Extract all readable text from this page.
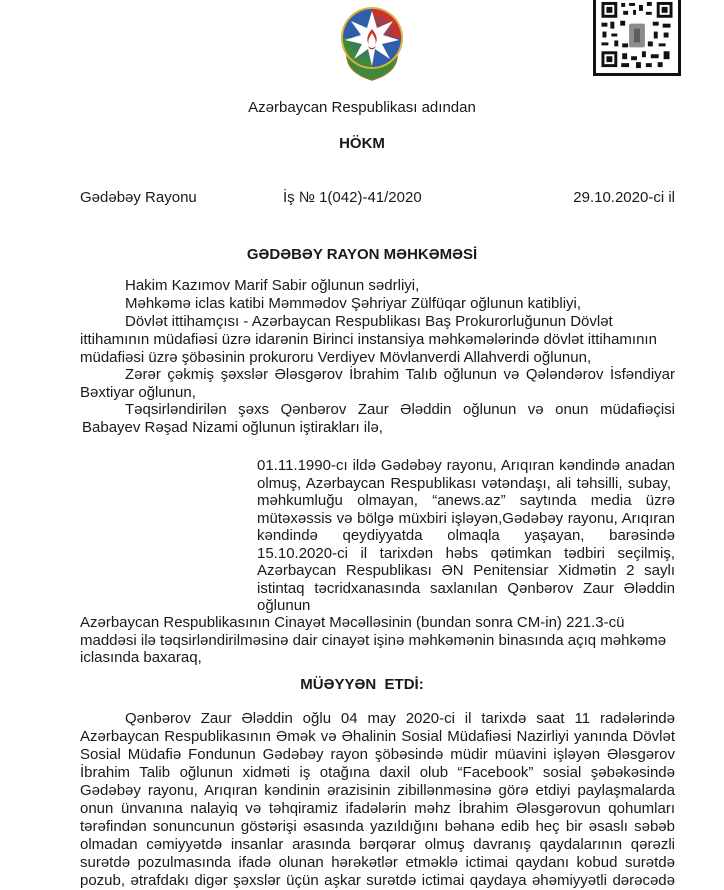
Azərbaycan Respublikası adından
HÖKM
Gədəbəy Rayonu	İş № 1(042)-41/2020	29.10.2020-ci il
GƏDƏBƏY RAYON MƏHKƏMƏSİ
Hakim Kazımov Marif Sabir oğlunun sədrliyi,
Məhkəmə iclas katibi Məmmədov Şəhriyar Zülfüqar oğlunun katibliyi,
Dövlət ittihamçısı - Azərbaycan Respublikası Baş Prokurorluğunun Dövlət
ittihamının müdafiəsi üzrə idarənin Birinci instansiya məhkəmələrində dövlət ittihamının
müdafiəsi üzrə şöbəsinin prokuroru Verdiyev Mövlanverdi Allahverdi oğlunun,
Zərər çəkmiş şəxslər Ələsgərov İbrahim Talıb oğlunun və Qələndərov İsfəndiyar
Bəxtiyar oğlunun,
Təqsirləndirilən şəxs Qənbərov Zaur Ələddin oğlunun və onun müdafiəçisi
Babayev Rəşad Nizami oğlunun iştirakları ilə,
01.11.1990-cı ildə Gədəbəy rayonu, Arıqıran kəndində anadan
olmuş, Azərbaycan Respublikası vətəndaşı, ali təhsilli, subay,
məhkumluğu olmayan, “anews.az” saytında media üzrə
mütəxəssis və bölgə müxbiri işləyən,Gədəbəy rayonu, Arıqıran
kəndində qeydiyyatda olmaqla yaşayan, barəsində
15.10.2020-ci il tarixdən həbs qətimkan tədbiri seçilmiş,
Azərbaycan Respublikası ƏN Penitensiar Xidmətin 2 saylı
istintaq təcridxanasında saxlanılan Qənbərov Zaur Ələddin
oğlunun
Azərbaycan Respublikasının Cinayət Məcəlləsinin (bundan sonra CM-in) 221.3-cü
maddəsi ilə təqsirləndirilməsinə dair cinayət işinə məhkəmənin binasında açıq məhkəmə
iclasında baxaraq,
MÜƏYYƏN  ETDİ:
Qənbərov Zaur Ələddin oğlu 04 may 2020-ci il tarixdə saat 11 radələrində
Azərbaycan Respublikasının Əmək və Əhalinin Sosial Müdafiəsi Nazirliyi yanında Dövlət
Sosial Müdafiə Fondunun Gədəbəy rayon şöbəsində müdir müavini işləyən Ələsgərov
İbrahim Talib oğlunun xidməti iş otağına daxil olub “Facebook” sosial şəbəkəsində
Gədəbəy rayonu, Arıqıran kəndinin ərazisinin zibillənməsinə görə etdiyi paylaşmalarda
onun ünvanına nalayiq və təhqiramiz ifadələrin məhz İbrahim Ələsgərovun qohumları
tərəfindən sonuncunun göstərişi əsasında yazıldığını bəhanə edib heç bir əsaslı səbəb
olmadan cəmiyyətdə insanlar arasında bərqərar olmuş davranış qaydalarının qərəzli
surətdə pozulmasında ifadə olunan hərəkətlər etməklə ictimai qaydanı kobud surətdə
pozub, ətrafdakı digər şəxslər üçün aşkar surətdə ictimai qaydaya əhəmiyyətli dərəcədə
